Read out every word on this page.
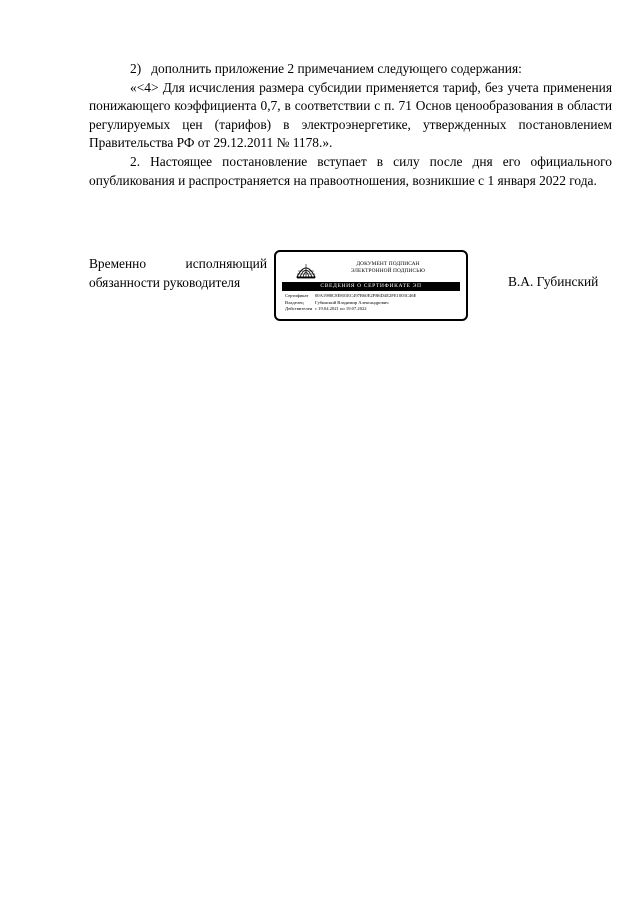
2)   дополнить приложение 2 примечанием следующего содержания:

«<4> Для исчисления размера субсидии применяется тариф, без учета применения понижающего коэффициента 0,7, в соответствии с п. 71 Основ ценообразования в области регулируемых цен (тарифов) в электроэнергетике, утвержденных постановлением Правительства РФ от 29.12.2011 № 1178.».

2. Настоящее постановление вступает в силу после дня его официального опубликования и распространяется на правоотношения, возникшие с 1 января 2022 года.

Временно	исполняющий
обязанности руководителя
ДОКУМЕНТ ПОДПИСАН
ЭЛЕКТРОННОЙ ПОДПИСЬЮ
СВЕДЕНИЯ О СЕРТИФИКАТЕ ЭП
Сертификат	00A1988C8E801EC497B60E2FB6D4E2FE1003C46E
Владелец	Губинский Владимир Александрович
Действителен с 19.04.2021 по 19.07.2022
В.А. Губинский
